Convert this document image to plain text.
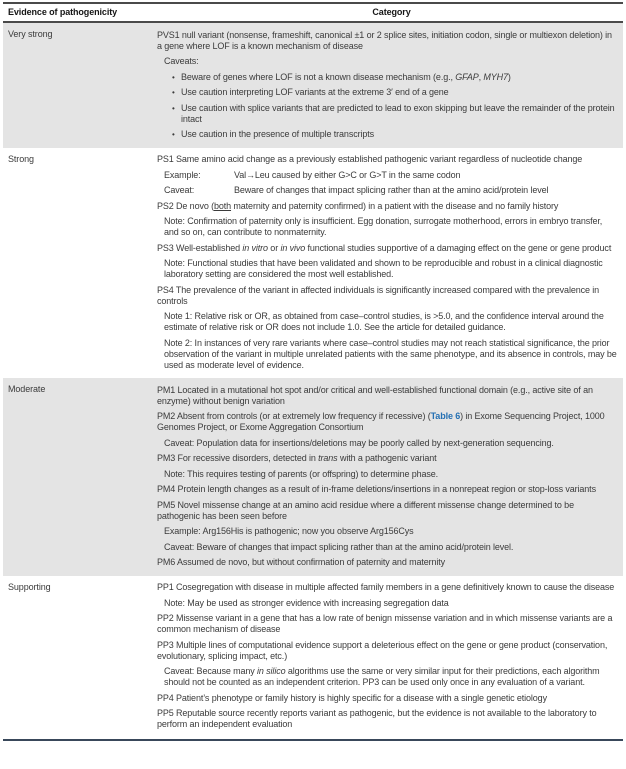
Evidence of pathogenicity	Category
Very strong	PVS1 null variant (nonsense, frameshift, canonical ±1 or 2 splice sites, initiation codon, single or multiexon deletion) in a gene where LOF is a known mechanism of disease
Caveats:
• Beware of genes where LOF is not a known disease mechanism (e.g., GFAP, MYH7)
• Use caution interpreting LOF variants at the extreme 3′ end of a gene
• Use caution with splice variants that are predicted to lead to exon skipping but leave the remainder of the protein intact
• Use caution in the presence of multiple transcripts
Strong	PS1 Same amino acid change as a previously established pathogenic variant regardless of nucleotide change
Example:	Val→Leu caused by either G>C or G>T in the same codon
Caveat:	Beware of changes that impact splicing rather than at the amino acid/protein level
PS2 De novo (both maternity and paternity confirmed) in a patient with the disease and no family history
Note: Confirmation of paternity only is insufficient. Egg donation, surrogate motherhood, errors in embryo transfer, and so on, can contribute to nonmaternity.
PS3 Well-established in vitro or in vivo functional studies supportive of a damaging effect on the gene or gene product
Note: Functional studies that have been validated and shown to be reproducible and robust in a clinical diagnostic laboratory setting are considered the most well established.
PS4 The prevalence of the variant in affected individuals is significantly increased compared with the prevalence in controls
Note 1: Relative risk or OR, as obtained from case–control studies, is >5.0, and the confidence interval around the estimate of relative risk or OR does not include 1.0. See the article for detailed guidance.
Note 2: In instances of very rare variants where case–control studies may not reach statistical significance, the prior observation of the variant in multiple unrelated patients with the same phenotype, and its absence in controls, may be used as moderate level of evidence.
Moderate	PM1 Located in a mutational hot spot and/or critical and well-established functional domain (e.g., active site of an enzyme) without benign variation
PM2 Absent from controls (or at extremely low frequency if recessive) (Table 6) in Exome Sequencing Project, 1000 Genomes Project, or Exome Aggregation Consortium
Caveat: Population data for insertions/deletions may be poorly called by next-generation sequencing.
PM3 For recessive disorders, detected in trans with a pathogenic variant
Note: This requires testing of parents (or offspring) to determine phase.
PM4 Protein length changes as a result of in-frame deletions/insertions in a nonrepeat region or stop-loss variants
PM5 Novel missense change at an amino acid residue where a different missense change determined to be pathogenic has been seen before
Example: Arg156His is pathogenic; now you observe Arg156Cys
Caveat: Beware of changes that impact splicing rather than at the amino acid/protein level.
PM6 Assumed de novo, but without confirmation of paternity and maternity
Supporting	PP1 Cosegregation with disease in multiple affected family members in a gene definitively known to cause the disease
Note: May be used as stronger evidence with increasing segregation data
PP2 Missense variant in a gene that has a low rate of benign missense variation and in which missense variants are a common mechanism of disease
PP3 Multiple lines of computational evidence support a deleterious effect on the gene or gene product (conservation, evolutionary, splicing impact, etc.)
Caveat: Because many in silico algorithms use the same or very similar input for their predictions, each algorithm should not be counted as an independent criterion. PP3 can be used only once in any evaluation of a variant.
PP4 Patient’s phenotype or family history is highly specific for a disease with a single genetic etiology
PP5 Reputable source recently reports variant as pathogenic, but the evidence is not available to the laboratory to perform an independent evaluation
